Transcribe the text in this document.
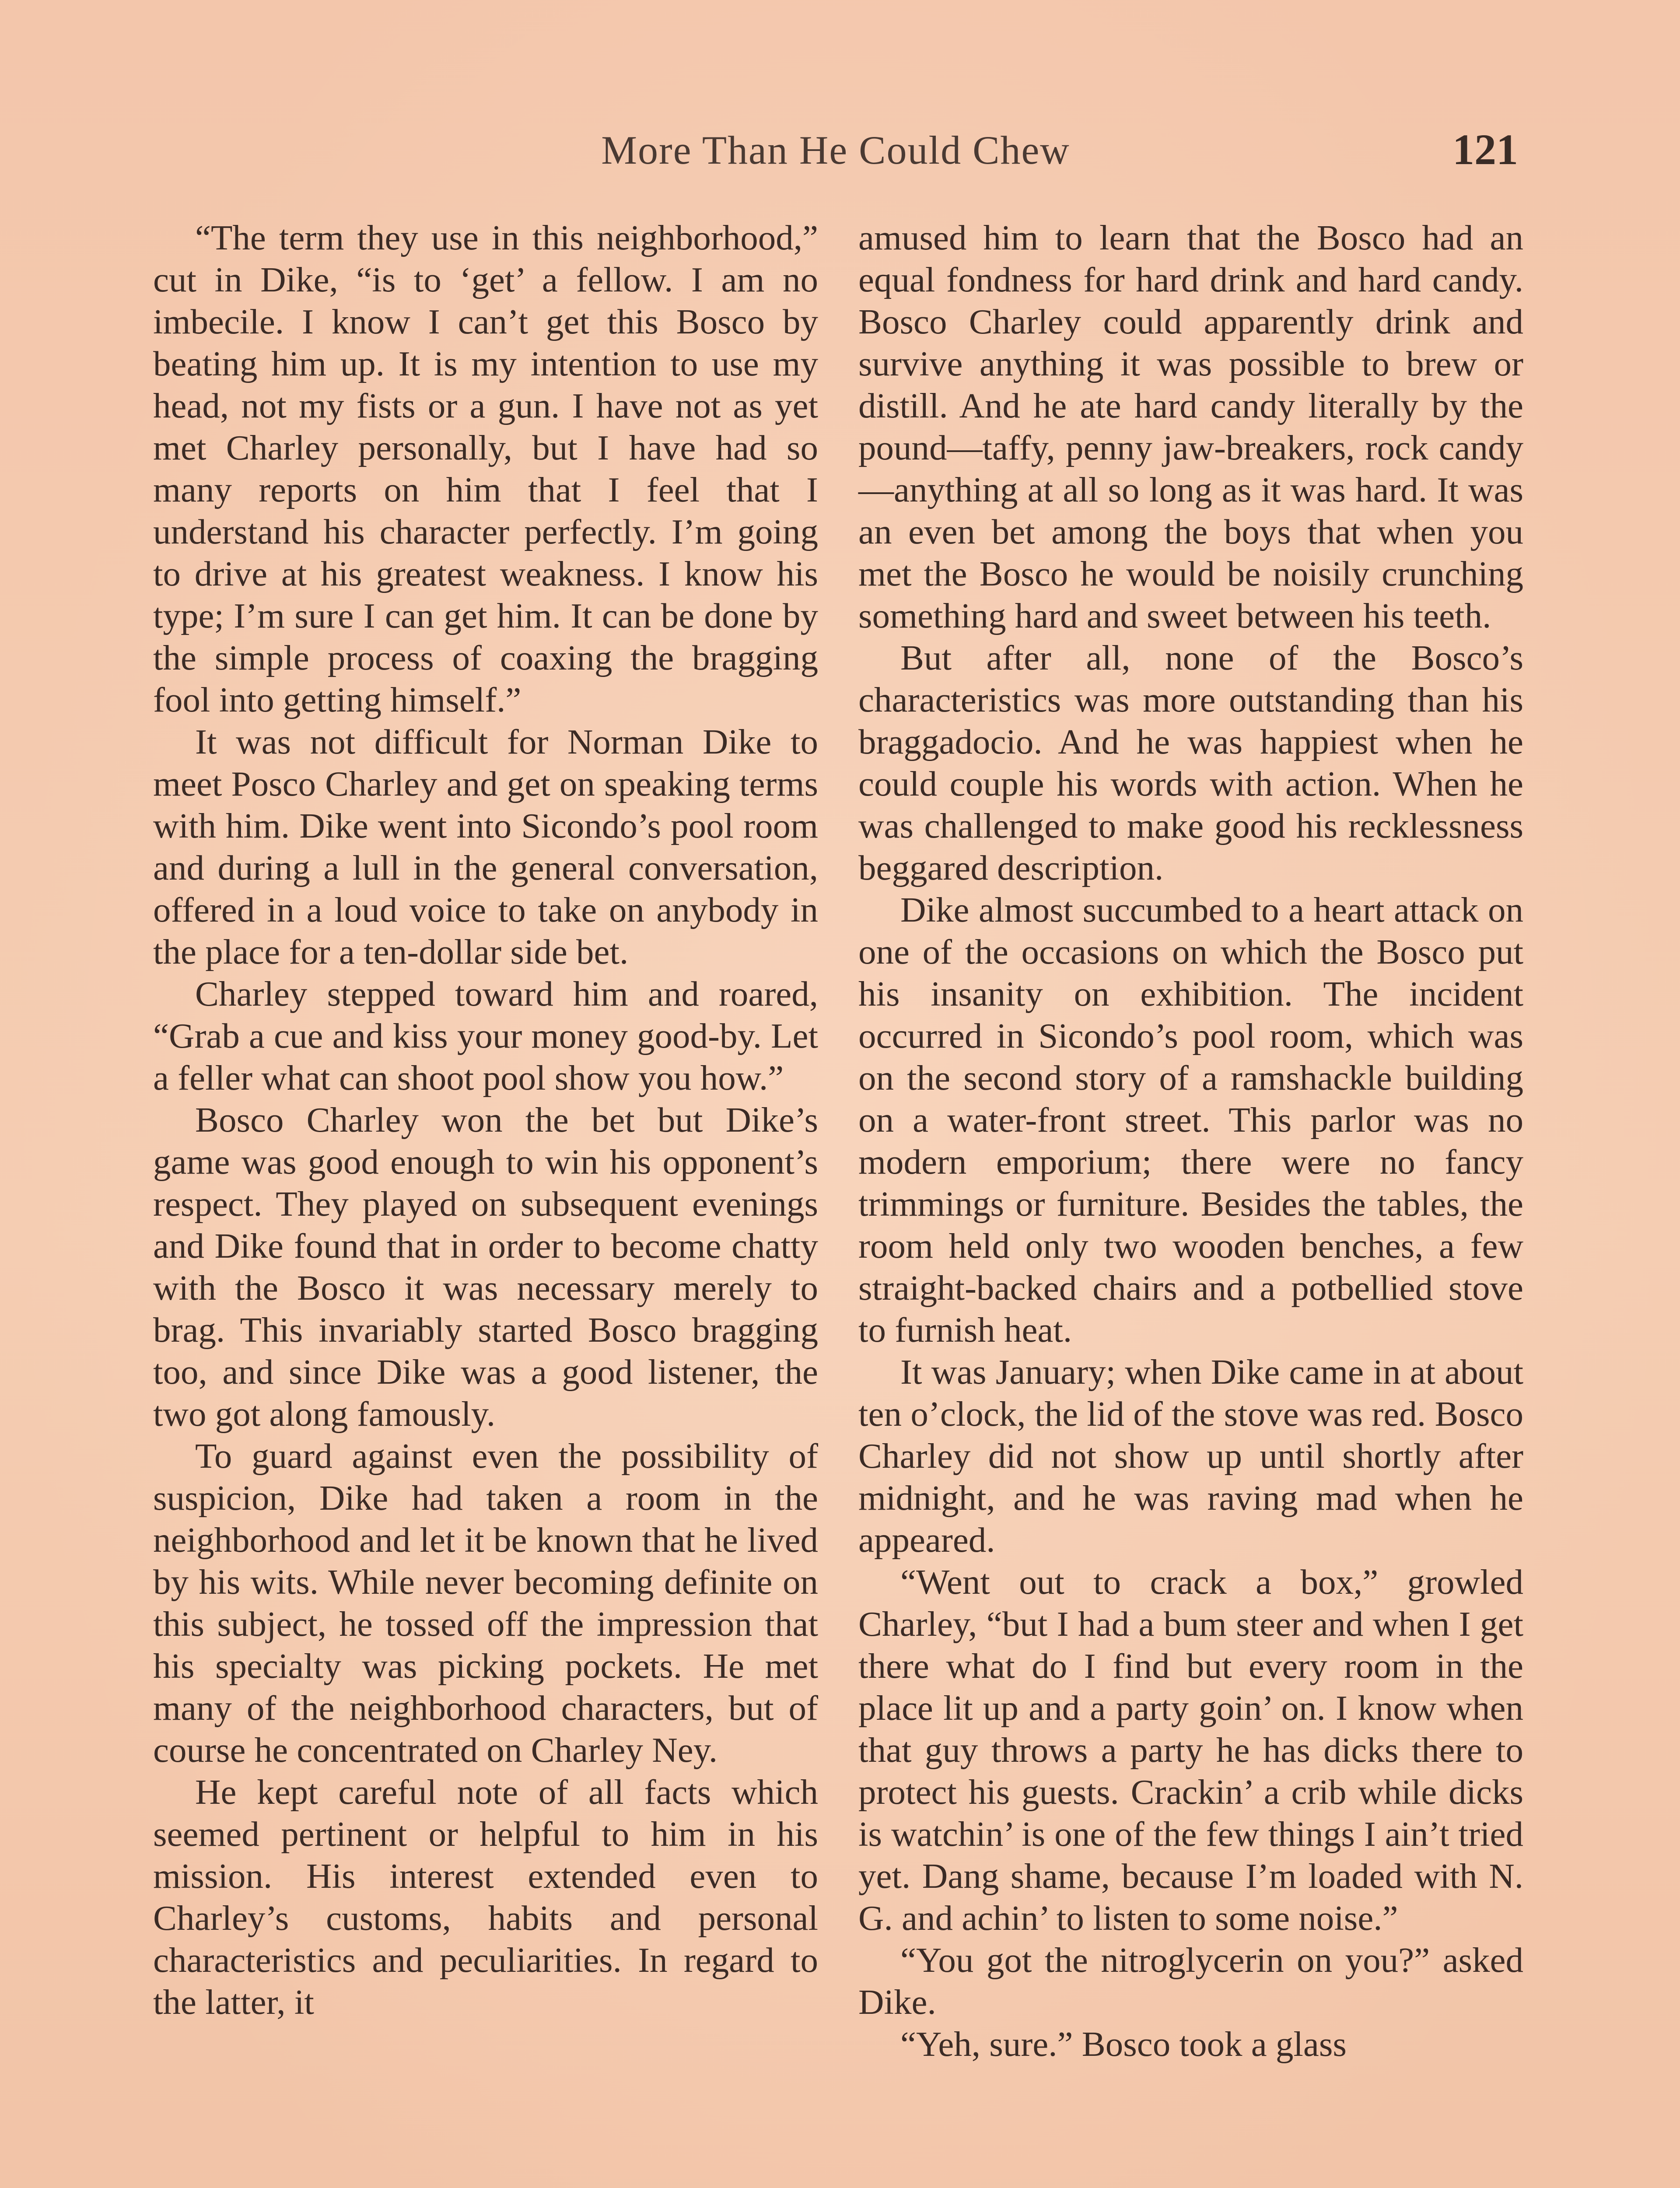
More Than He Could Chew	121

“The term they use in this neighborhood,” cut in Dike, “is to ‘get’ a fellow. I am no imbecile. I know I can’t get this Bosco by beating him up. It is my intention to use my head, not my fists or a gun. I have not as yet met Charley personally, but I have had so many reports on him that I feel that I understand his character perfectly. I’m going to drive at his greatest weakness. I know his type; I’m sure I can get him. It can be done by the simple process of coaxing the bragging fool into getting himself.”

It was not difficult for Norman Dike to meet Posco Charley and get on speaking terms with him. Dike went into Sicondo’s pool room and during a lull in the general conversation, offered in a loud voice to take on anybody in the place for a ten-dollar side bet.

Charley stepped toward him and roared, “Grab a cue and kiss your money good-by. Let a feller what can shoot pool show you how.”

Bosco Charley won the bet but Dike’s game was good enough to win his opponent’s respect. They played on subsequent evenings and Dike found that in order to become chatty with the Bosco it was necessary merely to brag. This invariably started Bosco bragging too, and since Dike was a good listener, the two got along famously.

To guard against even the possibility of suspicion, Dike had taken a room in the neighborhood and let it be known that he lived by his wits. While never becoming definite on this subject, he tossed off the impression that his specialty was picking pockets. He met many of the neighborhood characters, but of course he concentrated on Charley Ney.

He kept careful note of all facts which seemed pertinent or helpful to him in his mission. His interest extended even to Charley’s customs, habits and personal characteristics and peculiarities. In regard to the latter, it

amused him to learn that the Bosco had an equal fondness for hard drink and hard candy. Bosco Charley could apparently drink and survive anything it was possible to brew or distill. And he ate hard candy literally by the pound—taffy, penny jaw-breakers, rock candy —anything at all so long as it was hard. It was an even bet among the boys that when you met the Bosco he would be noisily crunching something hard and sweet between his teeth.

But after all, none of the Bosco’s characteristics was more outstanding than his braggadocio. And he was happiest when he could couple his words with action. When he was challenged to make good his recklessness beggared description.

Dike almost succumbed to a heart attack on one of the occasions on which the Bosco put his insanity on exhibition. The incident occurred in Sicondo’s pool room, which was on the second story of a ramshackle building on a water-front street. This parlor was no modern emporium; there were no fancy trimmings or furniture. Besides the tables, the room held only two wooden benches, a few straight-backed chairs and a potbellied stove to furnish heat.

It was January; when Dike came in at about ten o’clock, the lid of the stove was red. Bosco Charley did not show up until shortly after midnight, and he was raving mad when he appeared.

“Went out to crack a box,” growled Charley, “but I had a bum steer and when I get there what do I find but every room in the place lit up and a party goin’ on. I know when that guy throws a party he has dicks there to protect his guests. Crackin’ a crib while dicks is watchin’ is one of the few things I ain’t tried yet. Dang shame, because I’m loaded with N. G. and achin’ to listen to some noise.”

“You got the nitroglycerin on you?” asked Dike.

“Yeh, sure.” Bosco took a glass
